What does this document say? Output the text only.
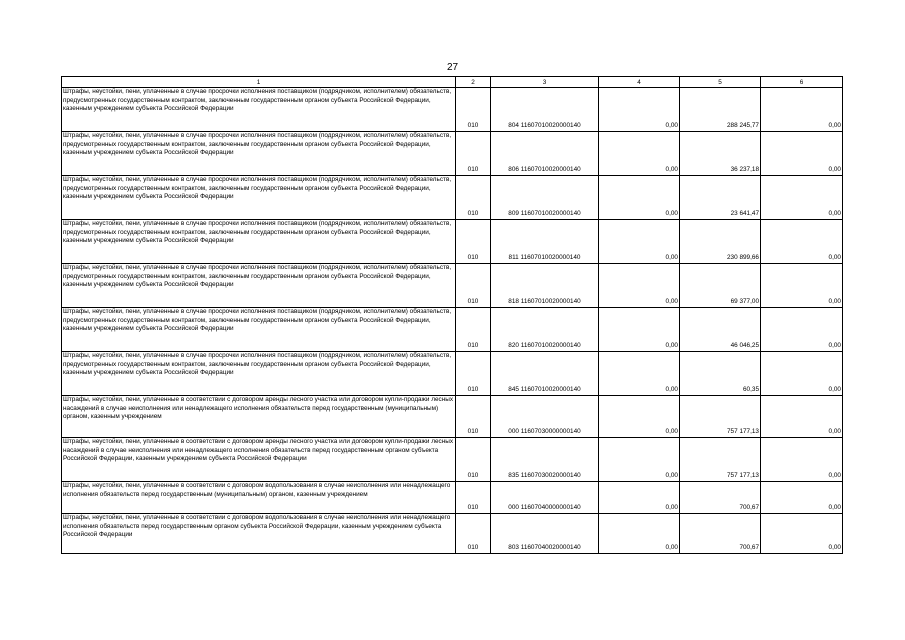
27
1	2	3	4	5	6
Штрафы, неустойки, пени, уплаченные в случае просрочки исполнения поставщиком (подрядчиком, исполнителем) обязательств, предусмотренных государственным контрактом, заключенным государственным органом субъекта Российской Федерации, казенным учреждением субъекта Российской Федерации	010	804 11607010020000140	0,00	288 245,77	0,00
Штрафы, неустойки, пени, уплаченные в случае просрочки исполнения поставщиком (подрядчиком, исполнителем) обязательств, предусмотренных государственным контрактом, заключенным государственным органом субъекта Российской Федерации, казенным учреждением субъекта Российской Федерации	010	806 11607010020000140	0,00	36 237,18	0,00
Штрафы, неустойки, пени, уплаченные в случае просрочки исполнения поставщиком (подрядчиком, исполнителем) обязательств, предусмотренных государственным контрактом, заключенным государственным органом субъекта Российской Федерации, казенным учреждением субъекта Российской Федерации	010	809 11607010020000140	0,00	23 641,47	0,00
Штрафы, неустойки, пени, уплаченные в случае просрочки исполнения поставщиком (подрядчиком, исполнителем) обязательств, предусмотренных государственным контрактом, заключенным государственным органом субъекта Российской Федерации, казенным учреждением субъекта Российской Федерации	010	811 11607010020000140	0,00	230 899,66	0,00
Штрафы, неустойки, пени, уплаченные в случае просрочки исполнения поставщиком (подрядчиком, исполнителем) обязательств, предусмотренных государственным контрактом, заключенным государственным органом субъекта Российской Федерации, казенным учреждением субъекта Российской Федерации	010	818 11607010020000140	0,00	69 377,00	0,00
Штрафы, неустойки, пени, уплаченные в случае просрочки исполнения поставщиком (подрядчиком, исполнителем) обязательств, предусмотренных государственным контрактом, заключенным государственным органом субъекта Российской Федерации, казенным учреждением субъекта Российской Федерации	010	820 11607010020000140	0,00	46 046,25	0,00
Штрафы, неустойки, пени, уплаченные в случае просрочки исполнения поставщиком (подрядчиком, исполнителем) обязательств, предусмотренных государственным контрактом, заключенным государственным органом субъекта Российской Федерации, казенным учреждением субъекта Российской Федерации	010	845 11607010020000140	0,00	60,35	0,00
Штрафы, неустойки, пени, уплаченные в соответствии с договором аренды лесного участка или договором купли-продажи лесных насаждений в случае неисполнения или ненадлежащего исполнения обязательств перед государственным (муниципальным) органом, казенным учреждением	010	000 11607030000000140	0,00	757 177,13	0,00
Штрафы, неустойки, пени, уплаченные в соответствии с договором аренды лесного участка или договором купли-продажи лесных насаждений в случае неисполнения или ненадлежащего исполнения обязательств перед государственным органом субъекта Российской Федерации, казенным учреждением субъекта Российской Федерации	010	835 11607030020000140	0,00	757 177,13	0,00
Штрафы, неустойки, пени, уплаченные в соответствии с договором водопользования в случае неисполнения или ненадлежащего исполнения обязательств перед государственным (муниципальным) органом, казенным учреждением	010	000 11607040000000140	0,00	700,67	0,00
Штрафы, неустойки, пени, уплаченные в соответствии с договором водопользования в случае неисполнения или ненадлежащего исполнения обязательств перед государственным органом субъекта Российской Федерации, казенным учреждением субъекта Российской Федерации	010	803 11607040020000140	0,00	700,67	0,00
